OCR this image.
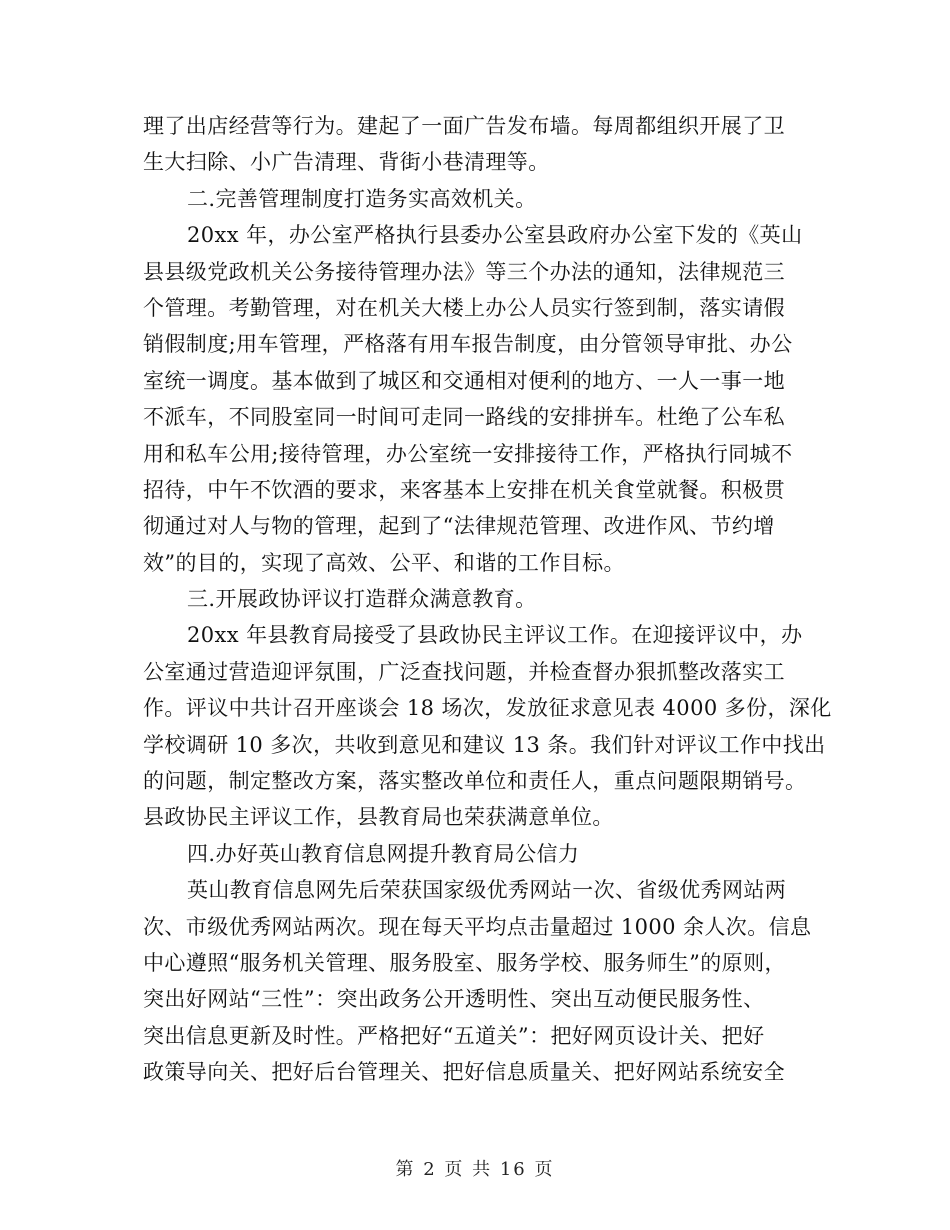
理了出店经营等行为。建起了一面广告发布墙。每周都组织开展了卫
生大扫除、小广告清理、背街小巷清理等。
二.完善管理制度打造务实高效机关。
20xx 年，办公室严格执行县委办公室县政府办公室下发的《英山
县县级党政机关公务接待管理办法》等三个办法的通知，法律规范三
个管理。考勤管理，对在机关大楼上办公人员实行签到制，落实请假
销假制度;用车管理，严格落有用车报告制度，由分管领导审批、办公
室统一调度。基本做到了城区和交通相对便利的地方、一人一事一地
不派车，不同股室同一时间可走同一路线的安排拼车。杜绝了公车私
用和私车公用;接待管理，办公室统一安排接待工作，严格执行同城不
招待，中午不饮酒的要求，来客基本上安排在机关食堂就餐。积极贯
彻通过对人与物的管理，起到了“法律规范管理、改进作风、节约增
效”的目的，实现了高效、公平、和谐的工作目标。
三.开展政协评议打造群众满意教育。
20xx 年县教育局接受了县政协民主评议工作。在迎接评议中，办
公室通过营造迎评氛围，广泛查找问题，并检查督办狠抓整改落实工
作。评议中共计召开座谈会 18 场次，发放征求意见表 4000 多份，深化
学校调研 10 多次，共收到意见和建议 13 条。我们针对评议工作中找出
的问题，制定整改方案，落实整改单位和责任人，重点问题限期销号。
县政协民主评议工作，县教育局也荣获满意单位。
四.办好英山教育信息网提升教育局公信力
英山教育信息网先后荣获国家级优秀网站一次、省级优秀网站两
次、市级优秀网站两次。现在每天平均点击量超过 1000 余人次。信息
中心遵照“服务机关管理、服务股室、服务学校、服务师生”的原则，
突出好网站“三性”：突出政务公开透明性、突出互动便民服务性、
突出信息更新及时性。严格把好“五道关”：把好网页设计关、把好
政策导向关、把好后台管理关、把好信息质量关、把好网站系统安全
第 2 页 共 16 页
